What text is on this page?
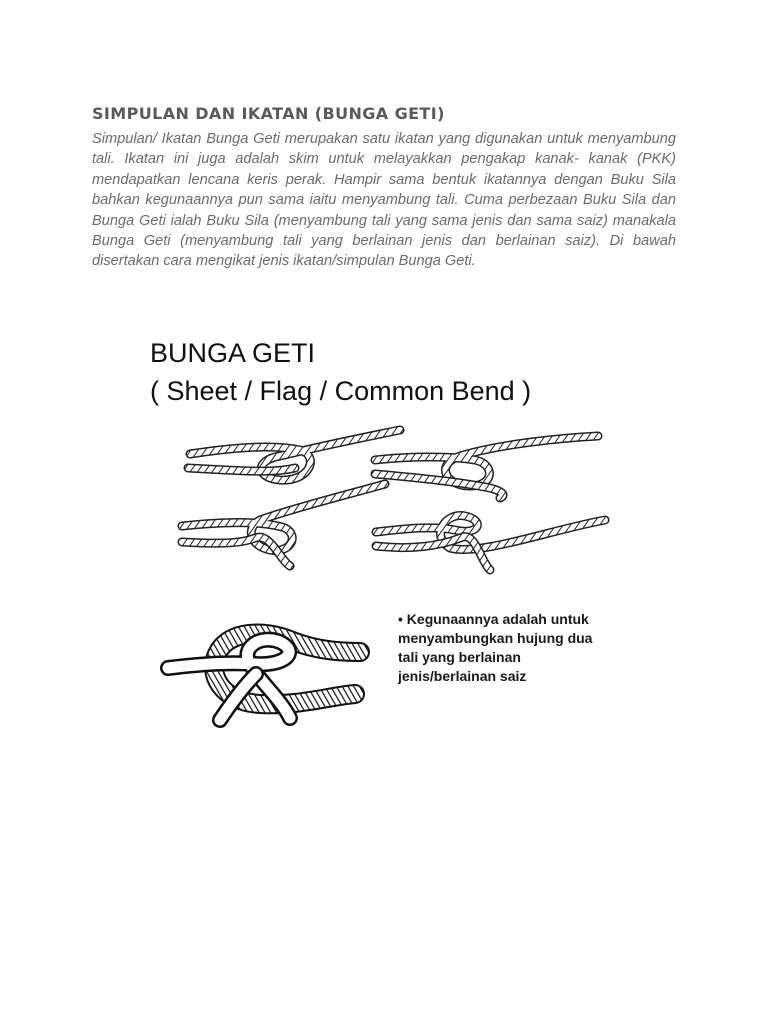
SIMPULAN DAN IKATAN (BUNGA GETI)
Simpulan/ Ikatan Bunga Geti merupakan satu ikatan yang digunakan untuk menyambung tali. Ikatan ini juga adalah skim untuk melayakkan pengakap kanak- kanak (PKK) mendapatkan lencana keris perak. Hampir sama bentuk ikatannya dengan Buku Sila bahkan kegunaannya pun sama iaitu menyambung tali. Cuma perbezaan Buku Sila dan Bunga Geti ialah Buku Sila (menyambung tali yang sama jenis dan sama saiz) manakala Bunga Geti (menyambung tali yang berlainan jenis dan berlainan saiz). Di bawah disertakan cara mengikat jenis ikatan/simpulan Bunga Geti.
BUNGA GETI
( Sheet / Flag / Common Bend )
• Kegunaannya adalah untuk
menyambungkan hujung dua
tali yang berlainan
jenis/berlainan saiz
